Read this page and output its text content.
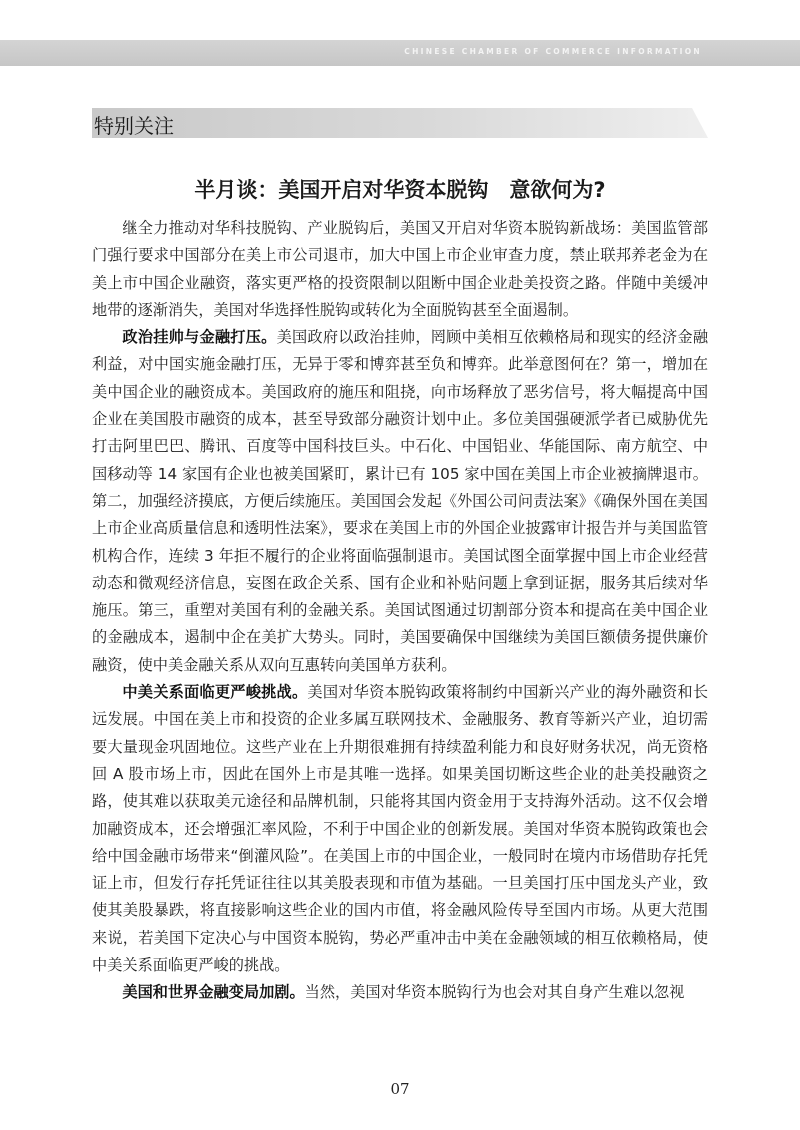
CHINESE CHAMBER OF COMMERCE INFORMATION
特别关注
半月谈：美国开启对华资本脱钩　意欲何为?

继全力推动对华科技脱钩、产业脱钩后，美国又开启对华资本脱钩新战场：美国监管部门强行要求中国部分在美上市公司退市，加大中国上市企业审查力度，禁止联邦养老金为在美上市中国企业融资，落实更严格的投资限制以阻断中国企业赴美投资之路。伴随中美缓冲地带的逐渐消失，美国对华选择性脱钩或转化为全面脱钩甚至全面遏制。

政治挂帅与金融打压。美国政府以政治挂帅，罔顾中美相互依赖格局和现实的经济金融利益，对中国实施金融打压，无异于零和博弈甚至负和博弈。此举意图何在？第一，增加在美中国企业的融资成本。美国政府的施压和阻挠，向市场释放了恶劣信号，将大幅提高中国企业在美国股市融资的成本，甚至导致部分融资计划中止。多位美国强硬派学者已威胁优先打击阿里巴巴、腾讯、百度等中国科技巨头。中石化、中国铝业、华能国际、南方航空、中国移动等 14 家国有企业也被美国紧盯，累计已有 105 家中国在美国上市企业被摘牌退市。第二，加强经济摸底，方便后续施压。美国国会发起《外国公司问责法案》《确保外国在美国上市企业高质量信息和透明性法案》，要求在美国上市的外国企业披露审计报告并与美国监管机构合作，连续 3 年拒不履行的企业将面临强制退市。美国试图全面掌握中国上市企业经营动态和微观经济信息，妄图在政企关系、国有企业和补贴问题上拿到证据，服务其后续对华施压。第三，重塑对美国有利的金融关系。美国试图通过切割部分资本和提高在美中国企业的金融成本，遏制中企在美扩大势头。同时，美国要确保中国继续为美国巨额债务提供廉价融资，使中美金融关系从双向互惠转向美国单方获利。

中美关系面临更严峻挑战。美国对华资本脱钩政策将制约中国新兴产业的海外融资和长远发展。中国在美上市和投资的企业多属互联网技术、金融服务、教育等新兴产业，迫切需要大量现金巩固地位。这些产业在上升期很难拥有持续盈利能力和良好财务状况，尚无资格回 A 股市场上市，因此在国外上市是其唯一选择。如果美国切断这些企业的赴美投融资之路，使其难以获取美元途径和品牌机制，只能将其国内资金用于支持海外活动。这不仅会增加融资成本，还会增强汇率风险，不利于中国企业的创新发展。美国对华资本脱钩政策也会给中国金融市场带来“倒灌风险”。在美国上市的中国企业，一般同时在境内市场借助存托凭证上市，但发行存托凭证往往以其美股表现和市值为基础。一旦美国打压中国龙头产业，致使其美股暴跌，将直接影响这些企业的国内市值，将金融风险传导至国内市场。从更大范围来说，若美国下定决心与中国资本脱钩，势必严重冲击中美在金融领域的相互依赖格局，使中美关系面临更严峻的挑战。

美国和世界金融变局加剧。当然，美国对华资本脱钩行为也会对其自身产生难以忽视

07
